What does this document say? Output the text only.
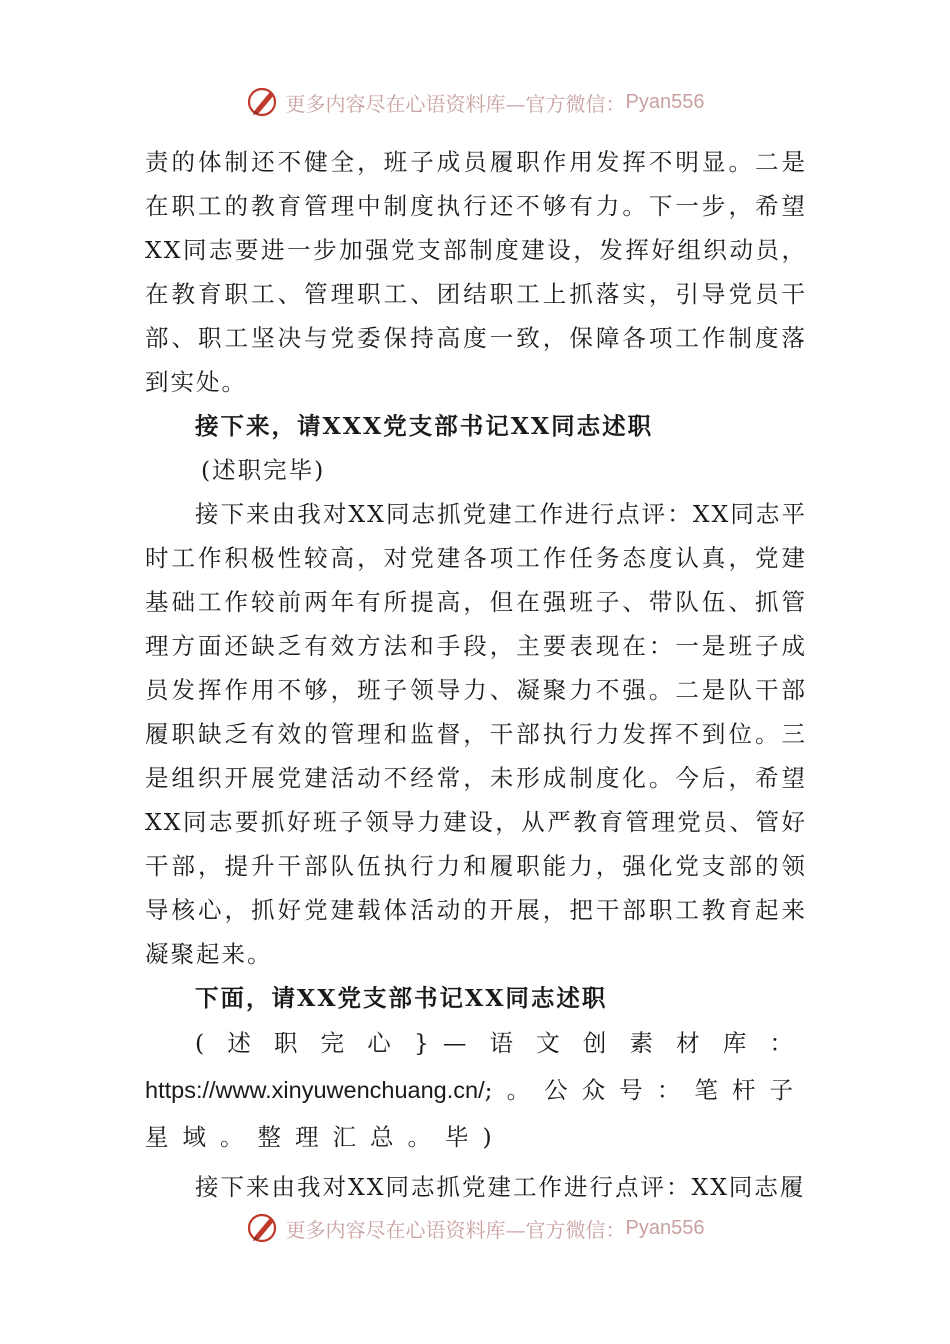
更多内容尽在心语资料库—官方微信： Pyan556

责的体制还不健全，班子成员履职作用发挥不明显。二是在职工的教育管理中制度执行还不够有力。下一步，希望XX同志要进一步加强党支部制度建设，发挥好组织动员，在教育职工、管理职工、团结职工上抓落实，引导党员干部、职工坚决与党委保持高度一致，保障各项工作制度落到实处。

接下来，请XXX党支部书记XX同志述职

(述职完毕)

接下来由我对XX同志抓党建工作进行点评：XX同志平时工作积极性较高，对党建各项工作任务态度认真，党建基础工作较前两年有所提高，但在强班子、带队伍、抓管理方面还缺乏有效方法和手段，主要表现在：一是班子成员发挥作用不够，班子领导力、凝聚力不强。二是队干部履职缺乏有效的管理和监督，干部执行力发挥不到位。三是组织开展党建活动不经常，未形成制度化。今后，希望XX同志要抓好班子领导力建设，从严教育管理党员、管好干部，提升干部队伍执行力和履职能力，强化党支部的领导核心，抓好党建载体活动的开展，把干部职工教育起来凝聚起来。

下面，请XX党支部书记XX同志述职

(述职完心}—语文创素材库：https://www.xinyuwenchuang.cn/;。公众号：笔杆子星域。整理汇总。毕)

接下来由我对XX同志抓党建工作进行点评：XX同志履

更多内容尽在心语资料库—官方微信： Pyan556
